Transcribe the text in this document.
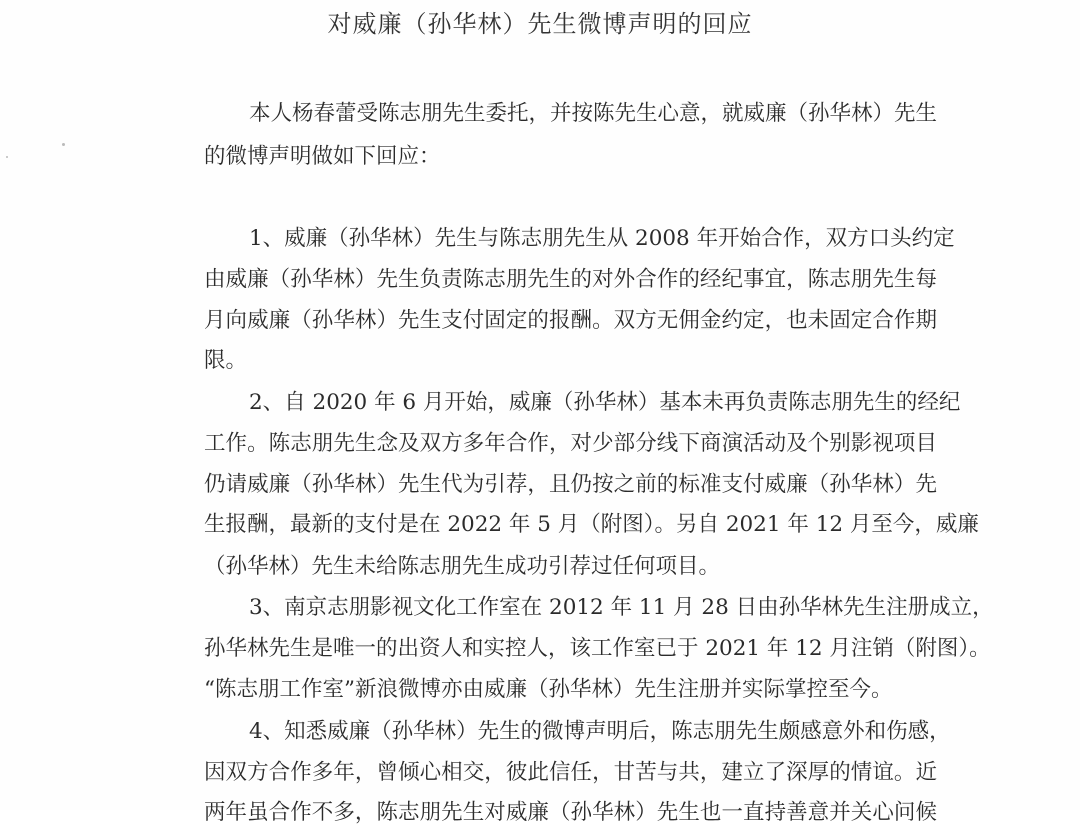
对威廉（孙华林）先生微博声明的回应
本人杨春蕾受陈志朋先生委托，并按陈先生心意，就威廉（孙华林）先生
的微博声明做如下回应：
1、威廉（孙华林）先生与陈志朋先生从 2008 年开始合作，双方口头约定
由威廉（孙华林）先生负责陈志朋先生的对外合作的经纪事宜，陈志朋先生每
月向威廉（孙华林）先生支付固定的报酬。双方无佣金约定，也未固定合作期
限。
2、自 2020 年 6 月开始，威廉（孙华林）基本未再负责陈志朋先生的经纪
工作。陈志朋先生念及双方多年合作，对少部分线下商演活动及个别影视项目
仍请威廉（孙华林）先生代为引荐，且仍按之前的标准支付威廉（孙华林）先
生报酬，最新的支付是在 2022 年 5 月（附图）。另自 2021 年 12 月至今，威廉
（孙华林）先生未给陈志朋先生成功引荐过任何项目。
3、南京志朋影视文化工作室在 2012 年 11 月 28 日由孙华林先生注册成立，
孙华林先生是唯一的出资人和实控人，该工作室已于 2021 年 12 月注销（附图）。
“陈志朋工作室”新浪微博亦由威廉（孙华林）先生注册并实际掌控至今。
4、知悉威廉（孙华林）先生的微博声明后，陈志朋先生颇感意外和伤感，
因双方合作多年，曾倾心相交，彼此信任，甘苦与共，建立了深厚的情谊。近
两年虽合作不多，陈志朋先生对威廉（孙华林）先生也一直持善意并关心问候
